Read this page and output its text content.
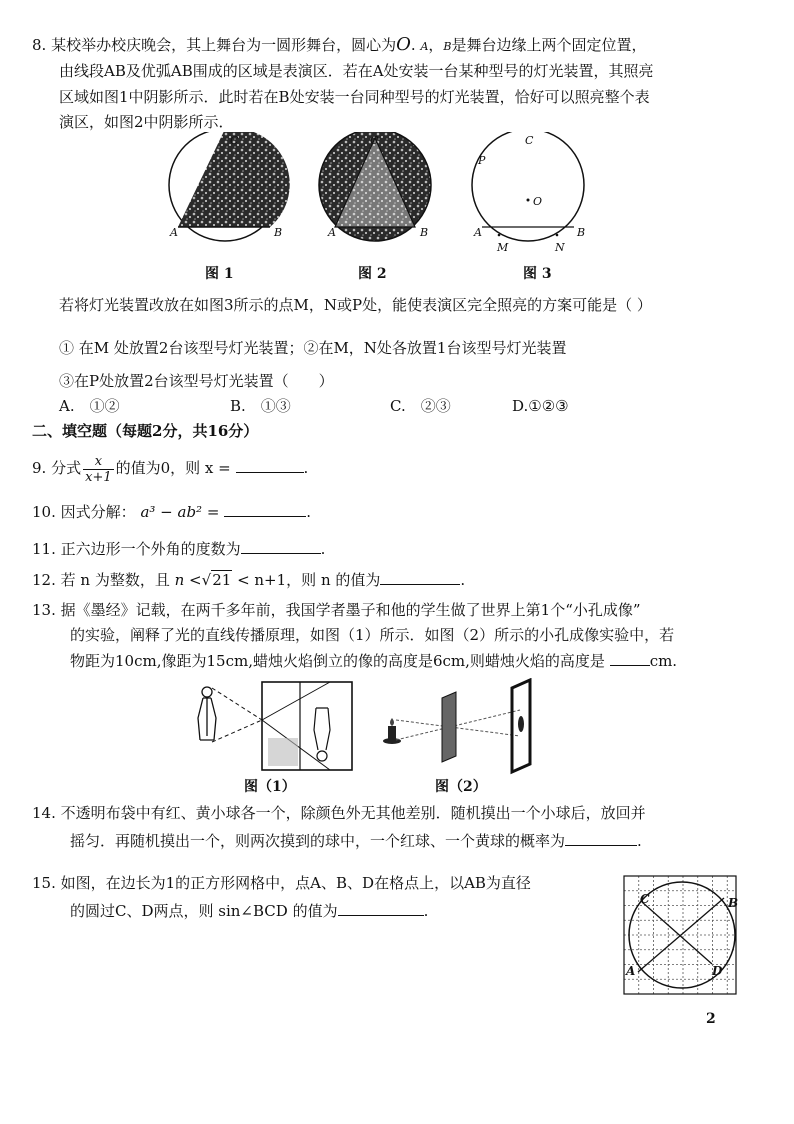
8. 某校举办校庆晚会，其上舞台为一圆形舞台，圆心为O. A，B是舞台边缘上两个固定位置，
由线段AB及优弧AB围成的区域是表演区．若在A处安装一台某种型号的灯光装置，其照亮
区域如图1中阴影所示．此时若在B处安装一台同种型号的灯光装置，恰好可以照亮整个表
演区，如图2中阴影所示．
C
A	B
C
A	B
C
P
O
A	B
M	N
图 1	图 2	图 3
若将灯光装置改放在如图3所示的点M，N或P处，能使表演区完全照亮的方案可能是（ ）
① 在M 处放置2台该型号灯光装置；②在M，N处各放置1台该型号灯光装置
③在P处放置2台该型号灯光装置（　　）
A.　①②	B.　①③	C.　②③	D.①②③
二、填空题（每题2分，共16分）
9. 分式 $\frac{x}{x+1}$ 的值为0，则 x =	.
10. 因式分解： a³ − ab² =	.
11. 正六边形一个外角的度数为	.
12. 若 n 为整数，且 n <√21 < n+1，则 n 的值为	.
13. 据《墨经》记载，在两千多年前，我国学者墨子和他的学生做了世界上第1个“小孔成像”
的实验，阐释了光的直线传播原理，如图（1）所示．如图（2）所示的小孔成像实验中，若
物距为10cm,像距为15cm,蜡烛火焰倒立的像的高度是6cm,则蜡烛火焰的高度是	cm.
图（1）	图（2）
14. 不透明布袋中有红、黄小球各一个，除颜色外无其他差别．随机摸出一个小球后，放回并
摇匀．再随机摸出一个，则两次摸到的球中，一个红球、一个黄球的概率为	.
15. 如图，在边长为1的正方形网格中，点A、B、D在格点上，以AB为直径
的圆过C、D两点，则 sin∠BCD 的值为	.
C	B
A	D
2
